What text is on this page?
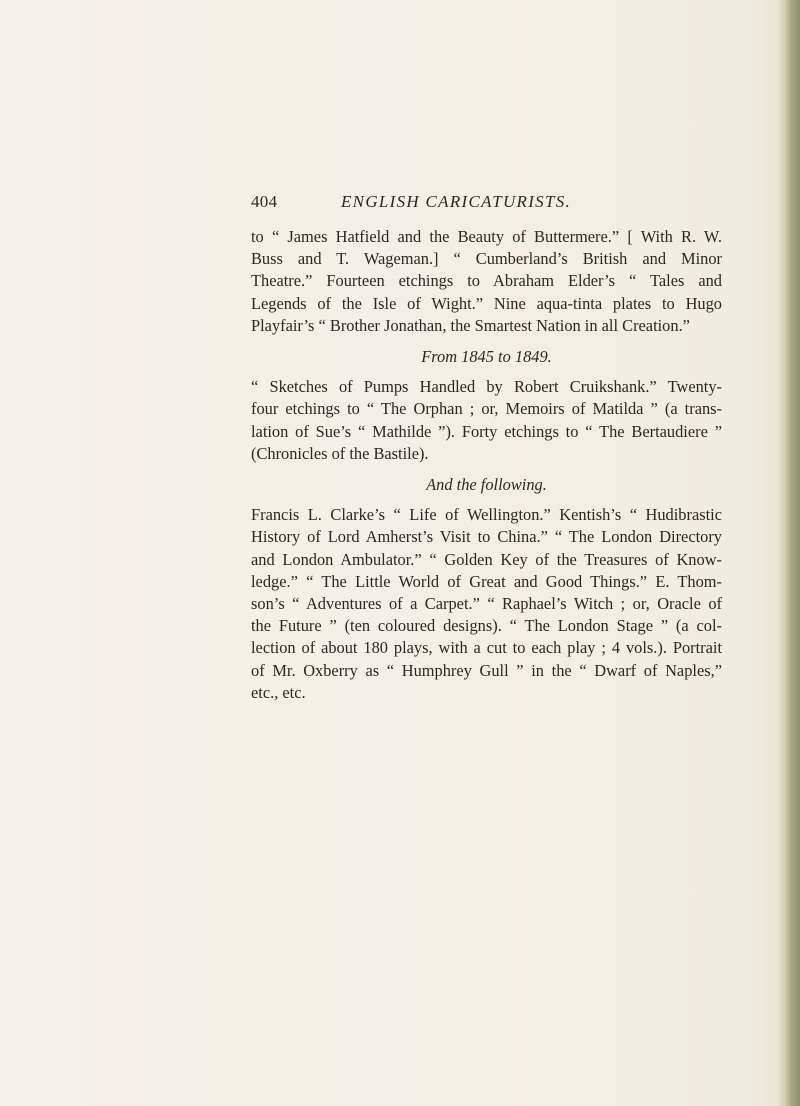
404	ENGLISH CARICATURISTS.

to “ James Hatfield and the Beauty of Buttermere.” [ With R. W.
Buss and T. Wageman.] “ Cumberland’s British and Minor
Theatre.” Fourteen etchings to Abraham Elder’s “ Tales and
Legends of the Isle of Wight.” Nine aqua-tinta plates to Hugo
Playfair’s “ Brother Jonathan, the Smartest Nation in all Creation.”

From 1845 to 1849.

“ Sketches of Pumps Handled by Robert Cruikshank.” Twenty-
four etchings to “ The Orphan ; or, Memoirs of Matilda ” (a trans-
lation of Sue’s “ Mathilde ”). Forty etchings to “ The Bertaudiere ”
(Chronicles of the Bastile).

And the following.

Francis L. Clarke’s “ Life of Wellington.” Kentish’s “ Hudibrastic
History of Lord Amherst’s Visit to China.” “ The London Directory
and London Ambulator.” “ Golden Key of the Treasures of Know-
ledge.” “ The Little World of Great and Good Things.” E. Thom-
son’s “ Adventures of a Carpet.” “ Raphael’s Witch ; or, Oracle of
the Future ” (ten coloured designs). “ The London Stage ” (a col-
lection of about 180 plays, with a cut to each play ; 4 vols.). Portrait
of Mr. Oxberry as “ Humphrey Gull ” in the “ Dwarf of Naples,”
etc., etc.
